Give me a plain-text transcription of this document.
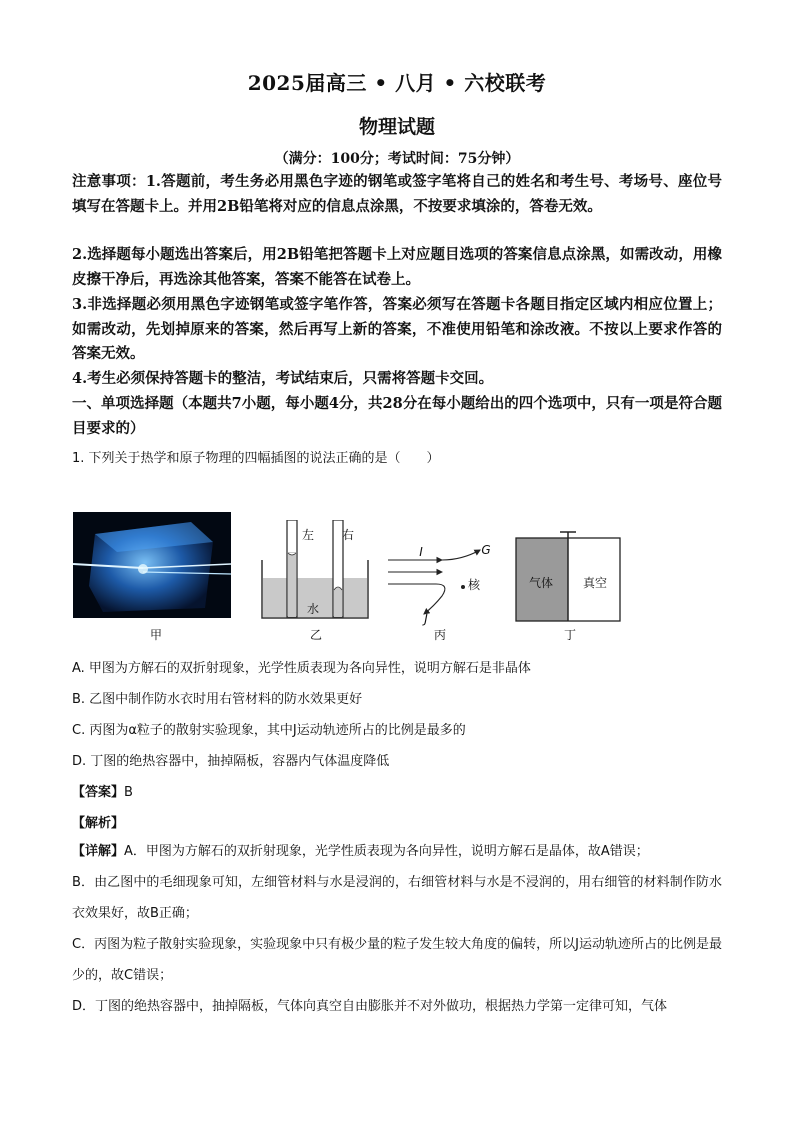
2025届高三 • 八月 • 六校联考
物理试题
（满分：100分；考试时间：75分钟）
注意事项：1.答题前，考生务必用黑色字迹的钢笔或签字笔将自己的姓名和考生号、考场号、座位号填写在答题卡上。并用2B铅笔将对应的信息点涂黑，不按要求填涂的，答卷无效。
2.选择题每小题选出答案后，用2B铅笔把答题卡上对应题目选项的答案信息点涂黑，如需改动，用橡皮擦干净后，再选涂其他答案，答案不能答在试卷上。
3.非选择题必须用黑色字迹钢笔或签字笔作答，答案必须写在答题卡各题目指定区域内相应位置上；如需改动，先划掉原来的答案，然后再写上新的答案，不准使用铅笔和涂改液。不按以上要求作答的答案无效。
4.考生必须保持答题卡的整洁，考试结束后，只需将答题卡交回。
一、单项选择题（本题共7小题，每小题4分，共28分在每小题给出的四个选项中，只有一项是符合题目要求的）
1. 下列关于热学和原子物理的四幅插图的说法正确的是（　　）
甲
左 右
水
乙
I	G
核
J
丙
气体 真空
丁
A. 甲图为方解石的双折射现象，光学性质表现为各向异性，说明方解石是非晶体
B. 乙图中制作防水衣时用右管材料的防水效果更好
C. 丙图为α粒子的散射实验现象，其中J运动轨迹所占的比例是最多的
D. 丁图的绝热容器中，抽掉隔板，容器内气体温度降低
【答案】B
【解析】
【详解】A．甲图为方解石的双折射现象，光学性质表现为各向异性，说明方解石是晶体，故A错误；
B．由乙图中的毛细现象可知，左细管材料与水是浸润的，右细管材料与水是不浸润的，用右细管的材料制作防水衣效果好，故B正确；
C．丙图为粒子散射实验现象，实验现象中只有极少量的粒子发生较大角度的偏转，所以J运动轨迹所占的比例是最少的，故C错误；
D．丁图的绝热容器中，抽掉隔板，气体向真空自由膨胀并不对外做功，根据热力学第一定律可知，气体
